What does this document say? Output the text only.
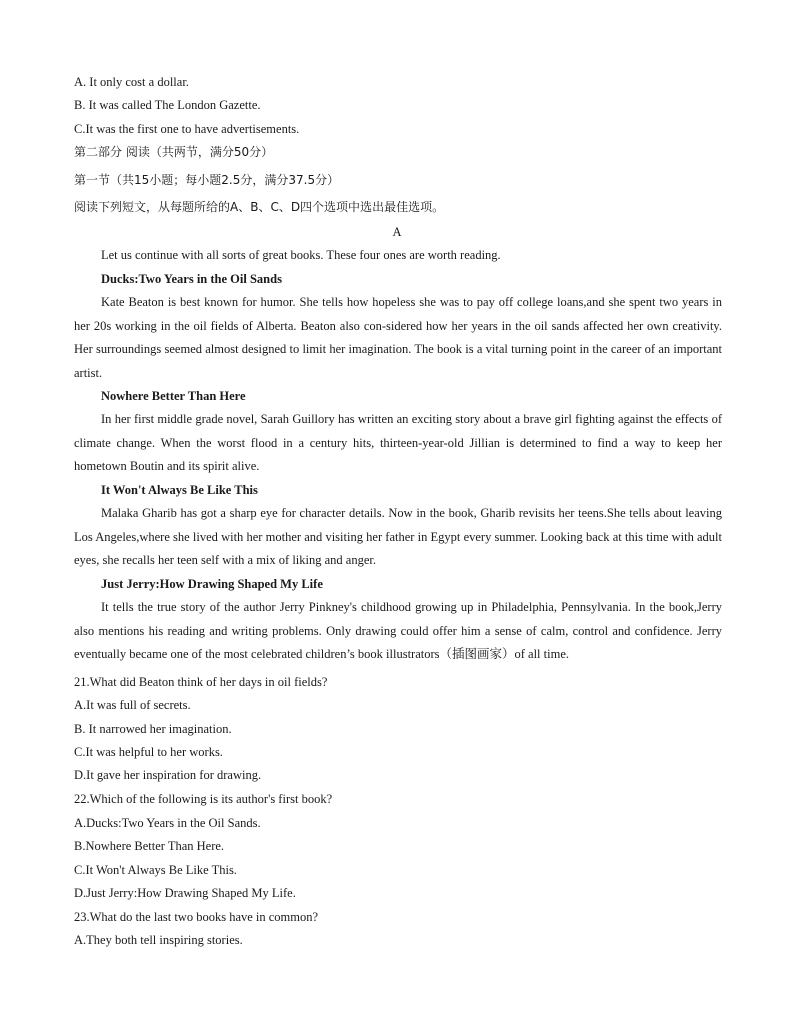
A. It only cost a dollar.
B. It was called The London Gazette.
C.It was the first one to have advertisements.
第二部分 阅读（共两节，满分50分）
第一节（共15小题；每小题2.5分，满分37.5分）
阅读下列短文，从每题所给的A、B、C、D四个选项中选出最佳选项。
A
Let us continue with all sorts of great books. These four ones are worth reading.
Ducks:Two Years in the Oil Sands
Kate Beaton is best known for humor. She tells how hopeless she was to pay off college loans,and she spent two years in her 20s working in the oil fields of Alberta. Beaton also con-sidered how her years in the oil sands affected her own creativity. Her surroundings seemed almost designed to limit her imagination. The book is a vital turning point in the career of an important artist.
Nowhere Better Than Here
In her first middle grade novel, Sarah Guillory has written an exciting story about a brave girl fighting against the effects of climate change. When the worst flood in a century hits, thirteen-year-old Jillian is determined to find a way to keep her hometown Boutin and its spirit alive.
It Won't Always Be Like This
Malaka Gharib has got a sharp eye for character details. Now in the book, Gharib revisits her teens.She tells about leaving Los Angeles,where she lived with her mother and visiting her father in Egypt every summer. Looking back at this time with adult eyes, she recalls her teen self with a mix of liking and anger.
Just Jerry:How Drawing Shaped My Life
It tells the true story of the author Jerry Pinkney's childhood growing up in Philadelphia, Pennsylvania. In the book,Jerry also mentions his reading and writing problems. Only drawing could offer him a sense of calm, control and confidence. Jerry eventually became one of the most celebrated children’s book illustrators（插图画家）of all time.
21.What did Beaton think of her days in oil fields?
A.It was full of secrets.
B. It narrowed her imagination.
C.It was helpful to her works.
D.It gave her inspiration for drawing.
22.Which of the following is its author's first book?
A.Ducks:Two Years in the Oil Sands.
B.Nowhere Better Than Here.
C.It Won't Always Be Like This.
D.Just Jerry:How Drawing Shaped My Life.
23.What do the last two books have in common?
A.They both tell inspiring stories.
